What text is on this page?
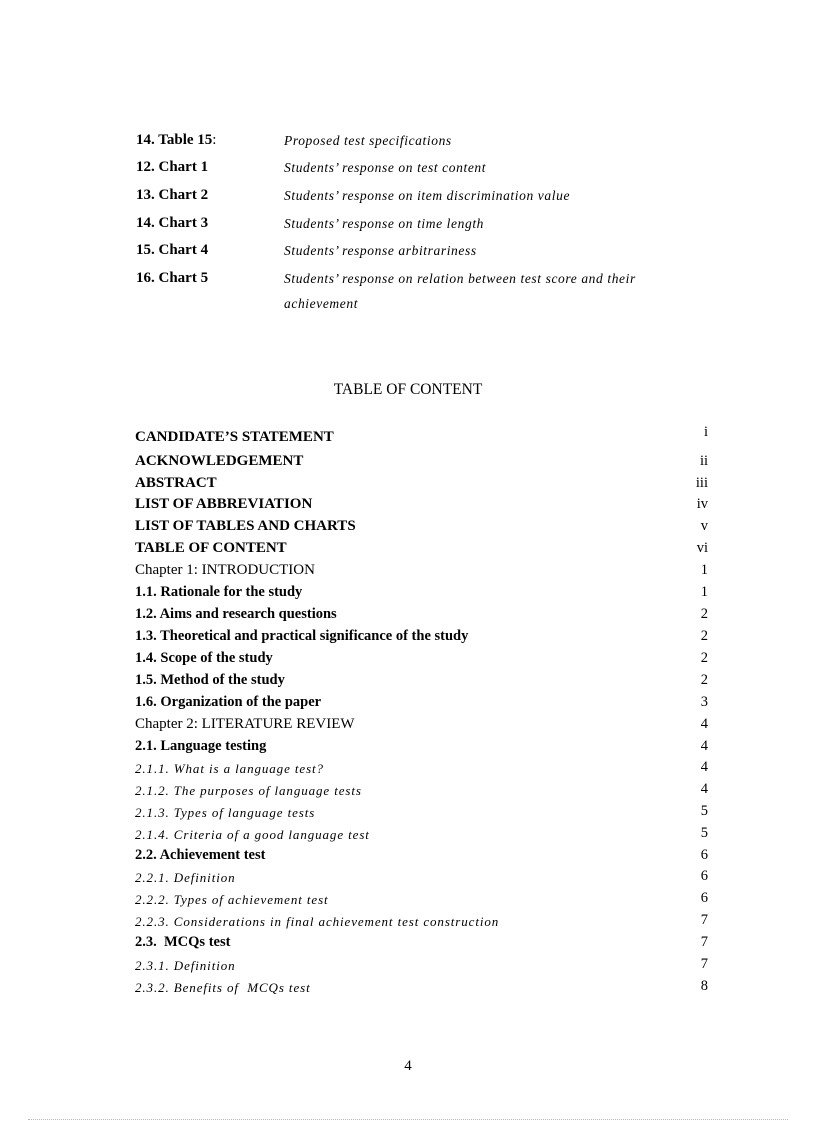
14. Table 15:	Proposed test specifications
12. Chart 1	Students’ response on test content
13. Chart 2	Students’ response on item discrimination value
14. Chart 3	Students’ response on time length
15. Chart 4	Students’ response arbitrariness
16. Chart 5	Students’ response on relation between test score and their achievement
TABLE OF CONTENT
CANDIDATE’S STATEMENT	i
ACKNOWLEDGEMENT	ii
ABSTRACT	iii
LIST OF ABBREVIATION	iv
LIST OF TABLES AND CHARTS	v
TABLE OF CONTENT	vi
Chapter 1: INTRODUCTION	1
1.1. Rationale for the study	1
1.2. Aims and research questions	2
1.3. Theoretical and practical significance of the study	2
1.4. Scope of the study	2
1.5. Method of the study	2
1.6. Organization of the paper	3
Chapter 2: LITERATURE REVIEW	4
2.1. Language testing	4
2.1.1. What is a language test?	4
2.1.2. The purposes of language tests	4
2.1.3. Types of language tests	5
2.1.4. Criteria of a good language test	5
2.2. Achievement test	6
2.2.1. Definition	6
2.2.2. Types of achievement test	6
2.2.3. Considerations in final achievement test construction	7
2.3.  MCQs test	7
2.3.1. Definition	7
2.3.2. Benefits of  MCQs test	8
4
